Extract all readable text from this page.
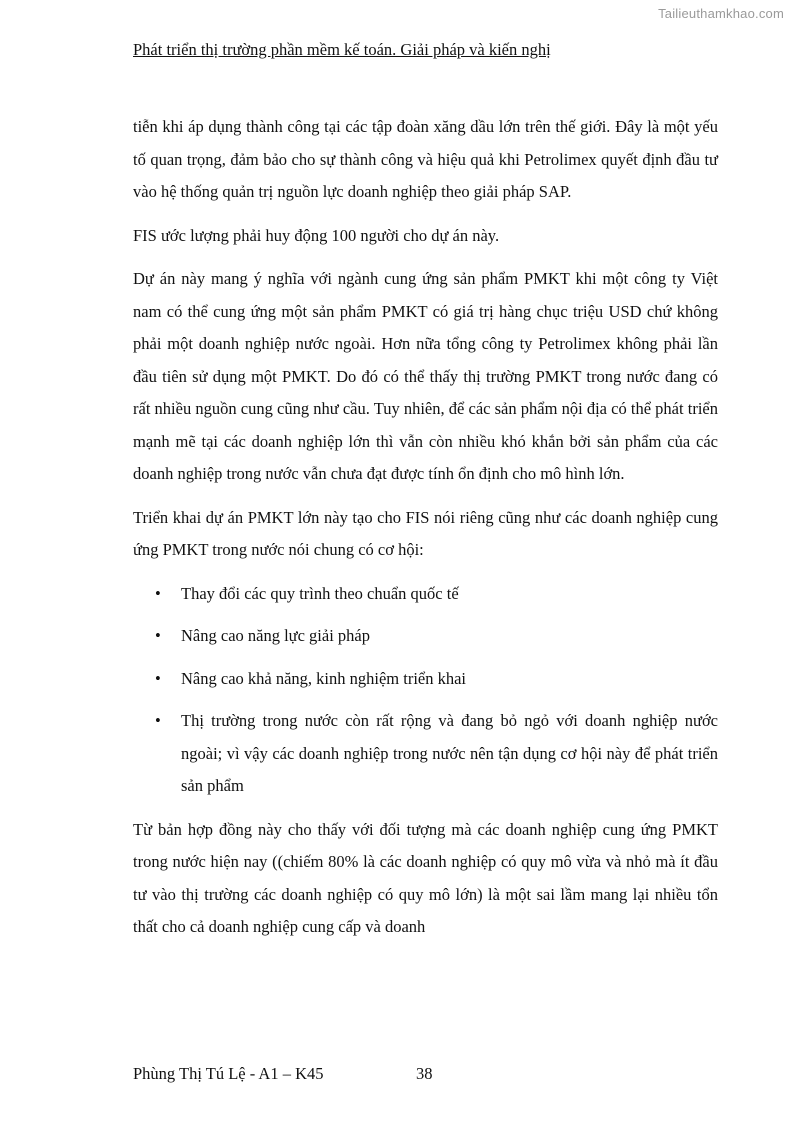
Tailieuthamkhao.com
Phát triển thị trường phần mềm kế toán. Giải pháp và kiến nghị

tiễn khi áp dụng thành công tại các tập đoàn xăng dầu lớn trên thế giới. Đây là một yếu tố quan trọng, đảm bảo cho sự thành công và hiệu quả khi Petrolimex quyết định đầu tư vào hệ thống quản trị nguồn lực doanh nghiệp theo giải pháp SAP.

FIS ước lượng phải huy động 100 người cho dự án này.

Dự án này mang ý nghĩa với ngành cung ứng sản phẩm PMKT khi một công ty Việt nam có thể cung ứng một sản phẩm PMKT có giá trị hàng chục triệu USD chứ không phải một doanh nghiệp nước ngoài. Hơn nữa tổng công ty Petrolimex không phải lần đầu tiên sử dụng một PMKT. Do đó có thể thấy thị trường PMKT trong nước đang có rất nhiều nguồn cung cũng như cầu. Tuy nhiên, để các sản phẩm nội địa có thể phát triển mạnh mẽ tại các doanh nghiệp lớn thì vẫn còn nhiều khó khắn bởi sản phẩm của các doanh nghiệp trong nước vẫn chưa đạt được tính ổn định cho mô hình lớn.

Triển khai dự án PMKT lớn này tạo cho FIS nói riêng cũng như các doanh nghiệp cung ứng PMKT trong nước nói chung có cơ hội:

• Thay đổi các quy trình theo chuẩn quốc tế
• Nâng cao năng lực giải pháp
• Nâng cao khả năng, kinh nghiệm triển khai
• Thị trường trong nước còn rất rộng và đang bỏ ngỏ với doanh nghiệp nước ngoài; vì vậy các doanh nghiệp trong nước nên tận dụng cơ hội này để phát triển sản phẩm

Từ bản hợp đồng này cho thấy với đối tượng mà các doanh nghiệp cung ứng PMKT trong nước hiện nay ((chiếm 80% là các doanh nghiệp có quy mô vừa và nhỏ mà ít đầu tư vào thị trường các doanh nghiệp có quy mô lớn) là một sai lầm mang lại nhiều tổn thất cho cả doanh nghiệp cung cấp và doanh

Phùng Thị Tú Lệ - A1 – K45	38
